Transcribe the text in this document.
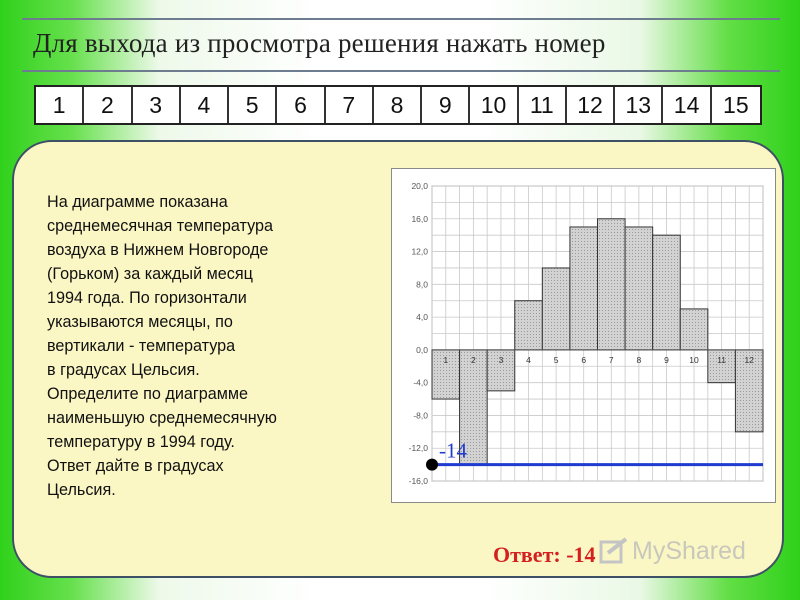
Для выхода из просмотра решения нажать номер
1	2	3	4	5	6	7	8	9	10	11	12 13 14	15
На диаграмме показана
среднемесячная температура
воздуха в Нижнем Новгороде
(Горьком) за каждый месяц
1994 года. По горизонтали
указываются месяцы, по
вертикали - температура
в градусах Цельсия.
Определите по диаграмме
наименьшую среднемесячную
температуру в 1994 году.
Ответ дайте в градусах
Цельсия.
20,0
16,0
12,0
8,0
4,0
0,0
-4,0
-8,0
-12,0
-16,0
1	2	3	4	5	6	7	8	9 10 11 12
-14
Ответ: -14 MyShared
